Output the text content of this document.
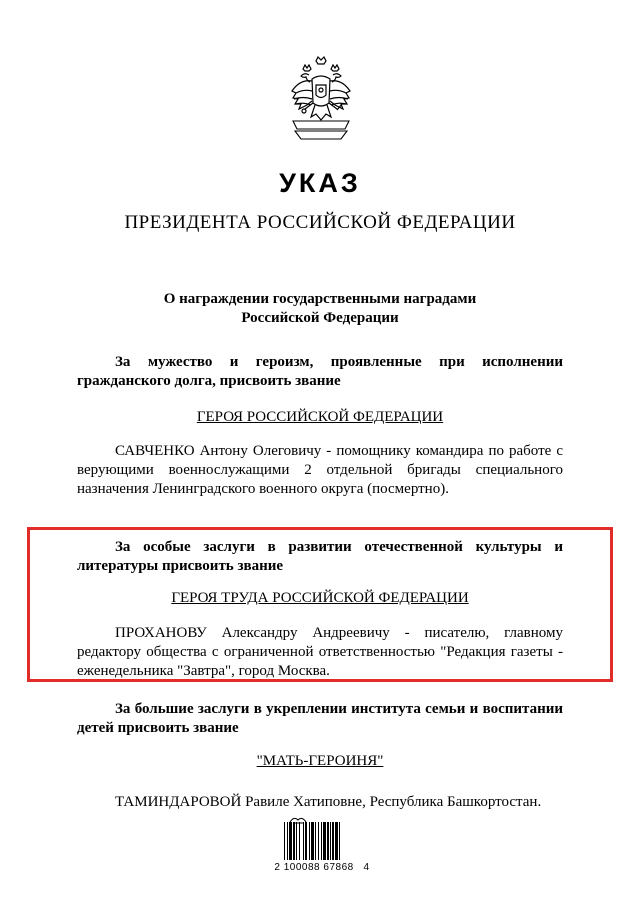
УКАЗ
ПРЕЗИДЕНТА РОССИЙСКОЙ ФЕДЕРАЦИИ
О награждении государственными наградами
Российской Федерации
За мужество и героизм, проявленные при исполнении гражданского долга, присвоить звание
ГЕРОЯ РОССИЙСКОЙ ФЕДЕРАЦИИ
САВЧЕНКО Антону Олеговичу - помощнику командира по работе с верующими военнослужащими 2 отдельной бригады специального назначения Ленинградского военного округа (посмертно).
За особые заслуги в развитии отечественной культуры и литературы присвоить звание
ГЕРОЯ ТРУДА РОССИЙСКОЙ ФЕДЕРАЦИИ
ПРОХАНОВУ Александру Андреевичу - писателю, главному редактору общества с ограниченной ответственностью "Редакция газеты - еженедельника "Завтра", город Москва.
За большие заслуги в укреплении института семьи и воспитании детей присвоить звание
"МАТЬ-ГЕРОИНЯ"
ТАМИНДАРОВОЙ Равиле Хатиповне, Республика Башкортостан.
2 100088 67868   4
